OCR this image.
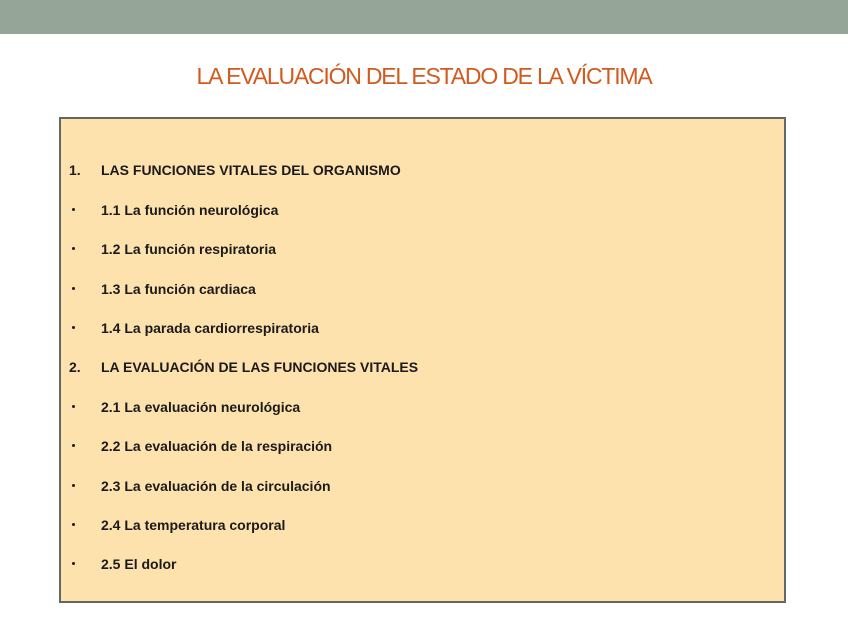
LA EVALUACIÓN DEL ESTADO DE LA VÍCTIMA
1.	LAS FUNCIONES VITALES DEL ORGANISMO
1.1 La función neurológica
1.2 La función respiratoria
1.3 La función cardiaca
1.4 La parada cardiorrespiratoria
2.	LA EVALUACIÓN DE LAS FUNCIONES VITALES
2.1 La evaluación neurológica
2.2 La evaluación de la respiración
2.3 La evaluación de la circulación
2.4 La temperatura corporal
2.5 El dolor
